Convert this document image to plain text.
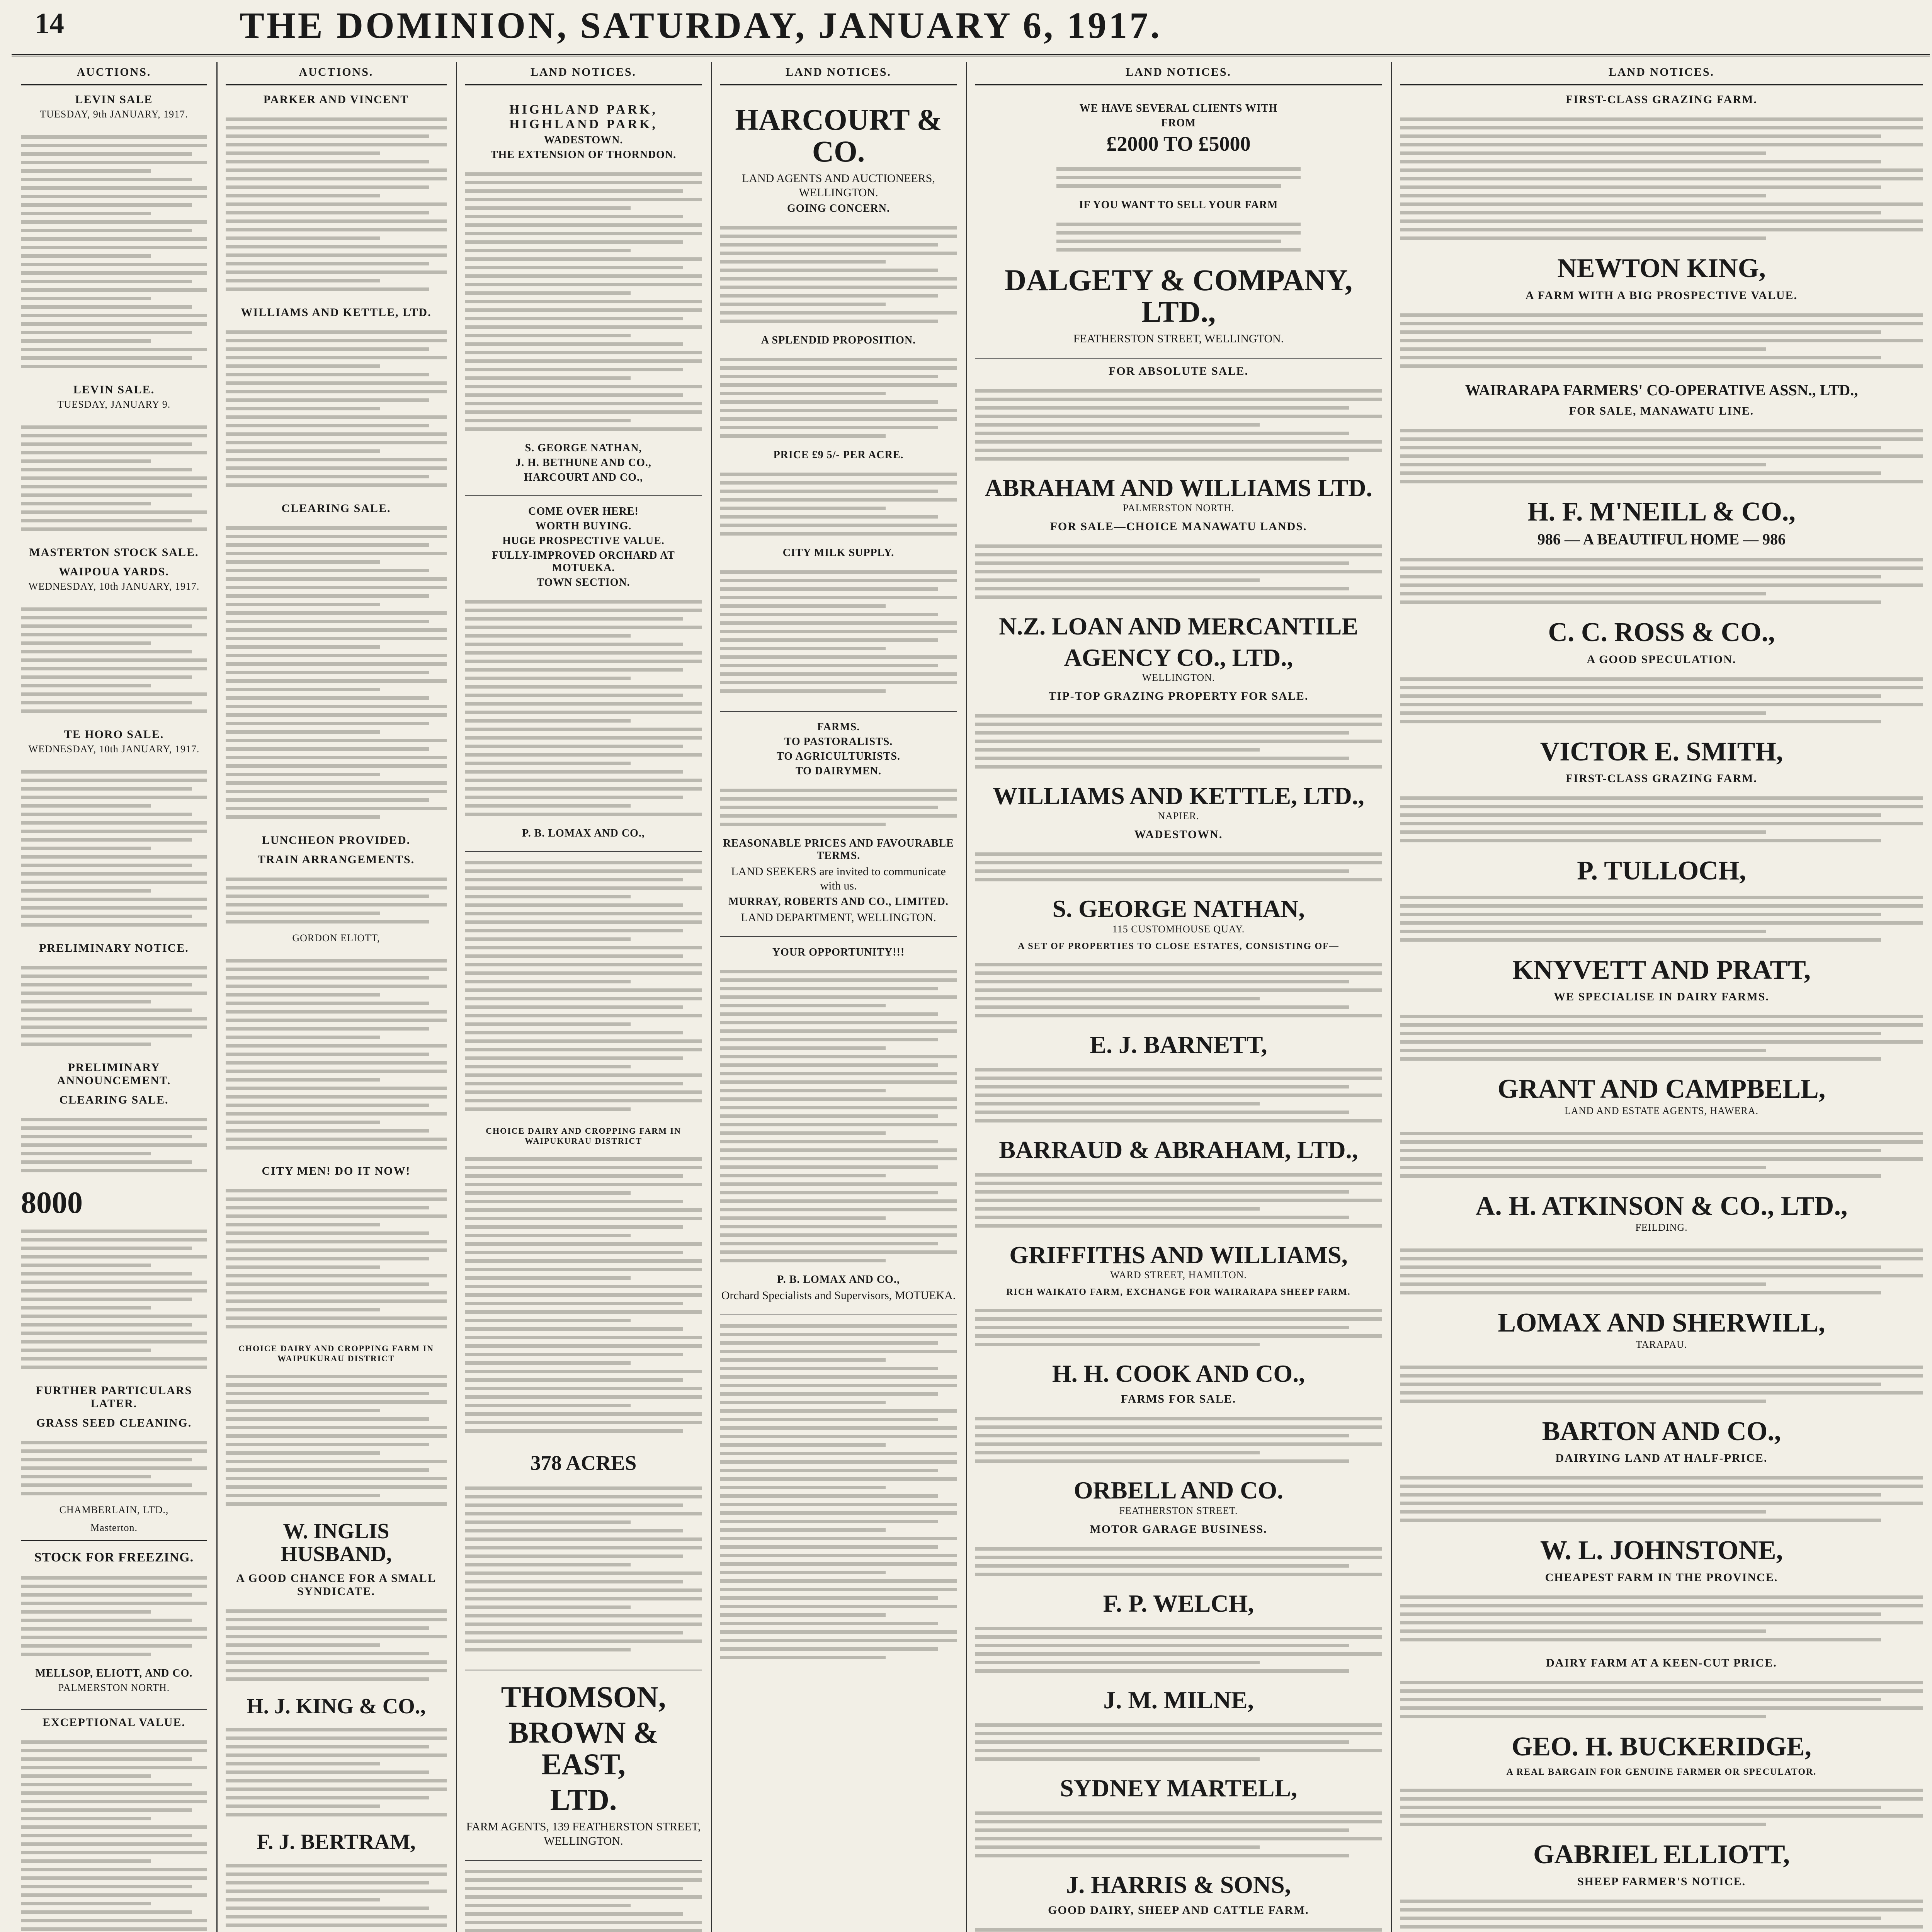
14	THE DOMINION, SATURDAY, JANUARY 6, 1917.
AUCTIONS.
LEVIN SALE
TUESDAY, 9th JANUARY, 1917.
LEVIN SALE.
TUESDAY, JANUARY 9.
MASTERTON STOCK SALE.
WAIPOUA YARDS.
WEDNESDAY, 10th JANUARY, 1917.
TE HORO SALE.
WEDNESDAY, 10th JANUARY, 1917.
PRELIMINARY NOTICE.
PRELIMINARY ANNOUNCEMENT.
CLEARING SALE.
8000
FURTHER PARTICULARS LATER.
GRASS SEED CLEANING.
CHAMBERLAIN, LTD.,
Masterton.
STOCK FOR FREEZING.
MELLSOP, ELIOTT, AND CO.
PALMERSTON NORTH.
EXCEPTIONAL VALUE.
AUCTIONS.
PARKER AND VINCENT
WILLIAMS AND KETTLE, LTD.
CLEARING SALE.
LUNCHEON PROVIDED.
TRAIN ARRANGEMENTS.
GORDON ELIOTT,
CITY MEN! DO IT NOW!
CHOICE DAIRY AND CROPPING FARM IN WAIPUKURAU DISTRICT
W. INGLIS HUSBAND,
A GOOD CHANCE FOR A SMALL SYNDICATE.
H. J. KING & CO.,
F. J. BERTRAM,
LAND NOTICES.
HIGHLAND PARK, HIGHLAND PARK,
WADESTOWN.
THE EXTENSION OF THORNDON.
S. GEORGE NATHAN,
J. H. BETHUNE AND CO.,
HARCOURT AND CO.,
COME OVER HERE!
WORTH BUYING.
HUGE PROSPECTIVE VALUE.
FULLY-IMPROVED ORCHARD AT MOTUEKA.
TOWN SECTION.
P. B. LOMAX AND CO.,
CHOICE DAIRY AND CROPPING FARM IN WAIPUKURAU DISTRICT
378 ACRES
THOMSON,
BROWN & EAST,
LTD.
FARM AGENTS, 139 FEATHERSTON STREET, WELLINGTON.
LAND NOTICES.
HARCOURT & CO.
LAND AGENTS AND AUCTIONEERS, WELLINGTON.
GOING CONCERN.
A SPLENDID PROPOSITION.
PRICE £9 5/- PER ACRE.
CITY MILK SUPPLY.
FARMS.
TO PASTORALISTS.
TO AGRICULTURISTS.
TO DAIRYMEN.
REASONABLE PRICES AND FAVOURABLE TERMS.
LAND SEEKERS are invited to communicate with us.
MURRAY, ROBERTS AND CO., LIMITED.
LAND DEPARTMENT, WELLINGTON.
YOUR OPPORTUNITY!!!
P. B. LOMAX AND CO.,
Orchard Specialists and Supervisors, MOTUEKA.
LAND NOTICES.
WE HAVE SEVERAL CLIENTS WITH
FROM
£2000 TO £5000
IF YOU WANT TO SELL YOUR FARM
DALGETY & COMPANY, LTD.,
FEATHERSTON STREET, WELLINGTON.
FOR ABSOLUTE SALE.
ABRAHAM AND WILLIAMS LTD.
PALMERSTON NORTH.
FOR SALE—CHOICE MANAWATU LANDS.
N.Z. LOAN AND MERCANTILE
AGENCY CO., LTD.,
WELLINGTON.
TIP-TOP GRAZING PROPERTY FOR SALE.
WILLIAMS AND KETTLE, LTD.,
NAPIER.
WADESTOWN.
S. GEORGE NATHAN,
115 CUSTOMHOUSE QUAY.
A SET OF PROPERTIES TO CLOSE ESTATES, CONSISTING OF—
E. J. BARNETT,
BARRAUD & ABRAHAM, LTD.,
GRIFFITHS AND WILLIAMS,
WARD STREET, HAMILTON.
RICH WAIKATO FARM, EXCHANGE FOR WAIRARAPA SHEEP FARM.
H. H. COOK AND CO.,
FARMS FOR SALE.
ORBELL AND CO.
FEATHERSTON STREET.
MOTOR GARAGE BUSINESS.
F. P. WELCH,
J. M. MILNE,
SYDNEY MARTELL,
J. HARRIS & SONS,
GOOD DAIRY, SHEEP AND CATTLE FARM.
LAND NOTICES.
FIRST-CLASS GRAZING FARM.
NEWTON KING,
A FARM WITH A BIG PROSPECTIVE VALUE.
WAIRARAPA FARMERS' CO-OPERATIVE ASSN., LTD.,
FOR SALE, MANAWATU LINE.
H. F. M'NEILL & CO.,
986 — A BEAUTIFUL HOME — 986
C. C. ROSS & CO.,
A GOOD SPECULATION.
VICTOR E. SMITH,
FIRST-CLASS GRAZING FARM.
P. TULLOCH,
KNYVETT AND PRATT,
WE SPECIALISE IN DAIRY FARMS.
GRANT AND CAMPBELL,
LAND AND ESTATE AGENTS, HAWERA.
A. H. ATKINSON & CO., LTD.,
FEILDING.
LOMAX AND SHERWILL,
TARAPAU.
BARTON AND CO.,
DAIRYING LAND AT HALF-PRICE.
W. L. JOHNSTONE,
CHEAPEST FARM IN THE PROVINCE.
DAIRY FARM AT A KEEN-CUT PRICE.
GEO. H. BUCKERIDGE,
A REAL BARGAIN FOR GENUINE FARMER OR SPECULATOR.
GABRIEL ELLIOTT,
SHEEP FARMER'S NOTICE.
